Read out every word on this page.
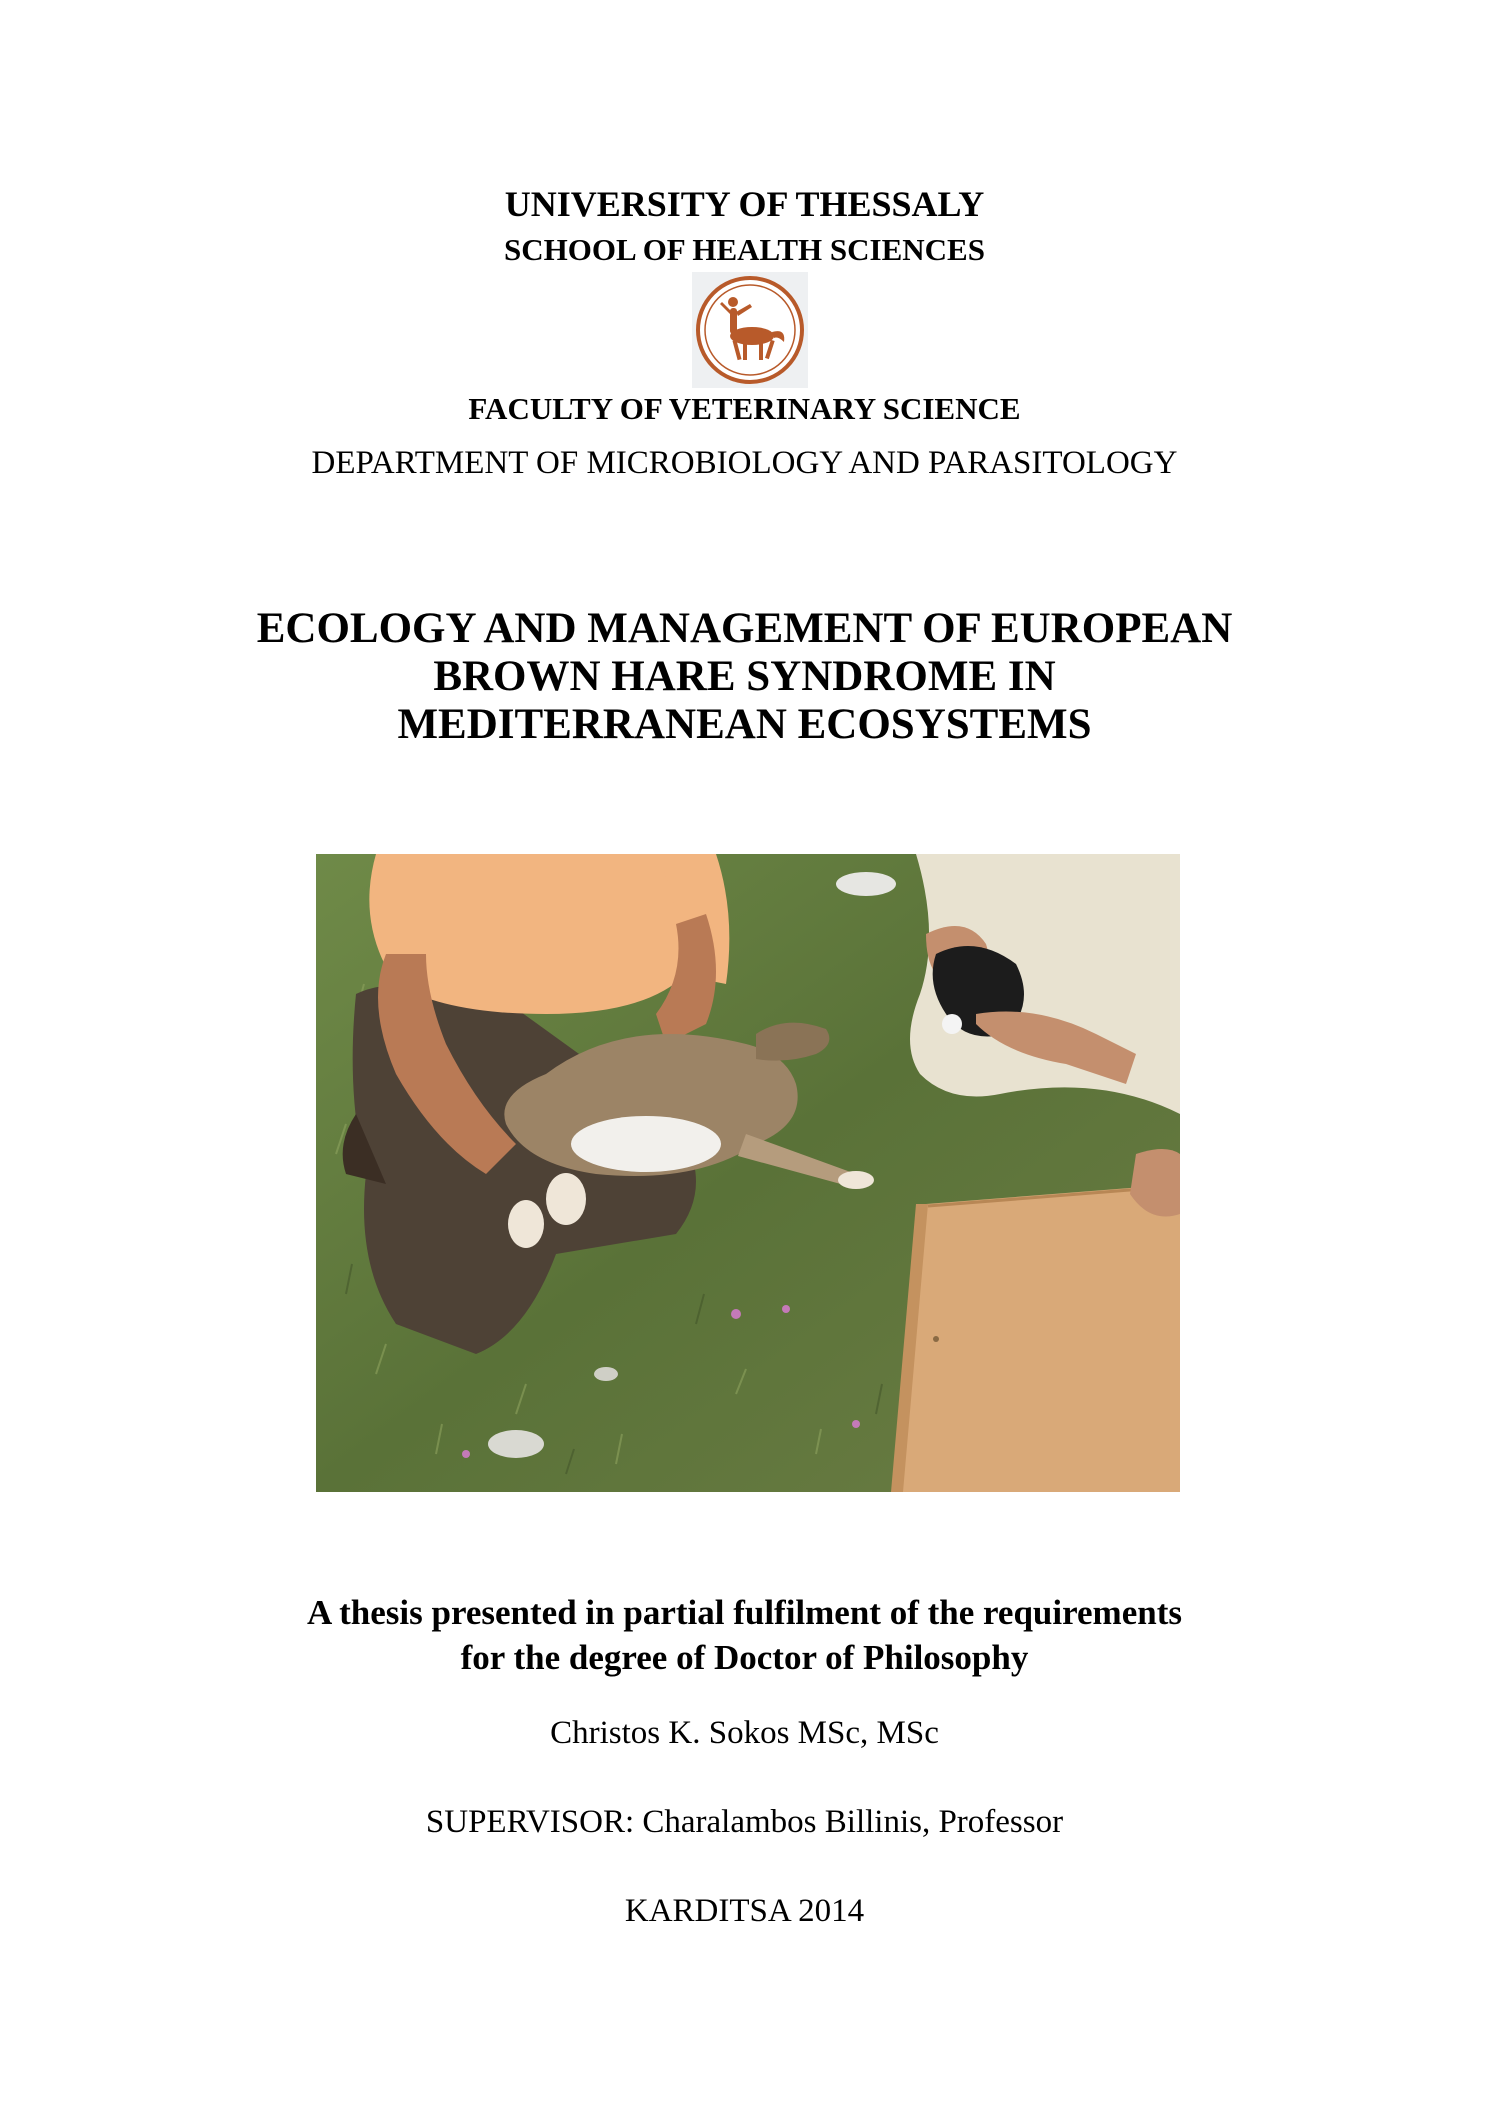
UNIVERSITY OF THESSALY
SCHOOL OF HEALTH SCIENCES
FACULTY OF VETERINARY SCIENCE
DEPARTMENT OF MICROBIOLOGY AND PARASITOLOGY
ECOLOGY AND MANAGEMENT OF EUROPEAN
BROWN HARE SYNDROME IN
MEDITERRANEAN ECOSYSTEMS
A thesis presented in partial fulfilment of the requirements
for the degree of Doctor of Philosophy
Christos K. Sokos MSc, MSc
SUPERVISOR: Charalambos Billinis, Professor
KARDITSA 2014
